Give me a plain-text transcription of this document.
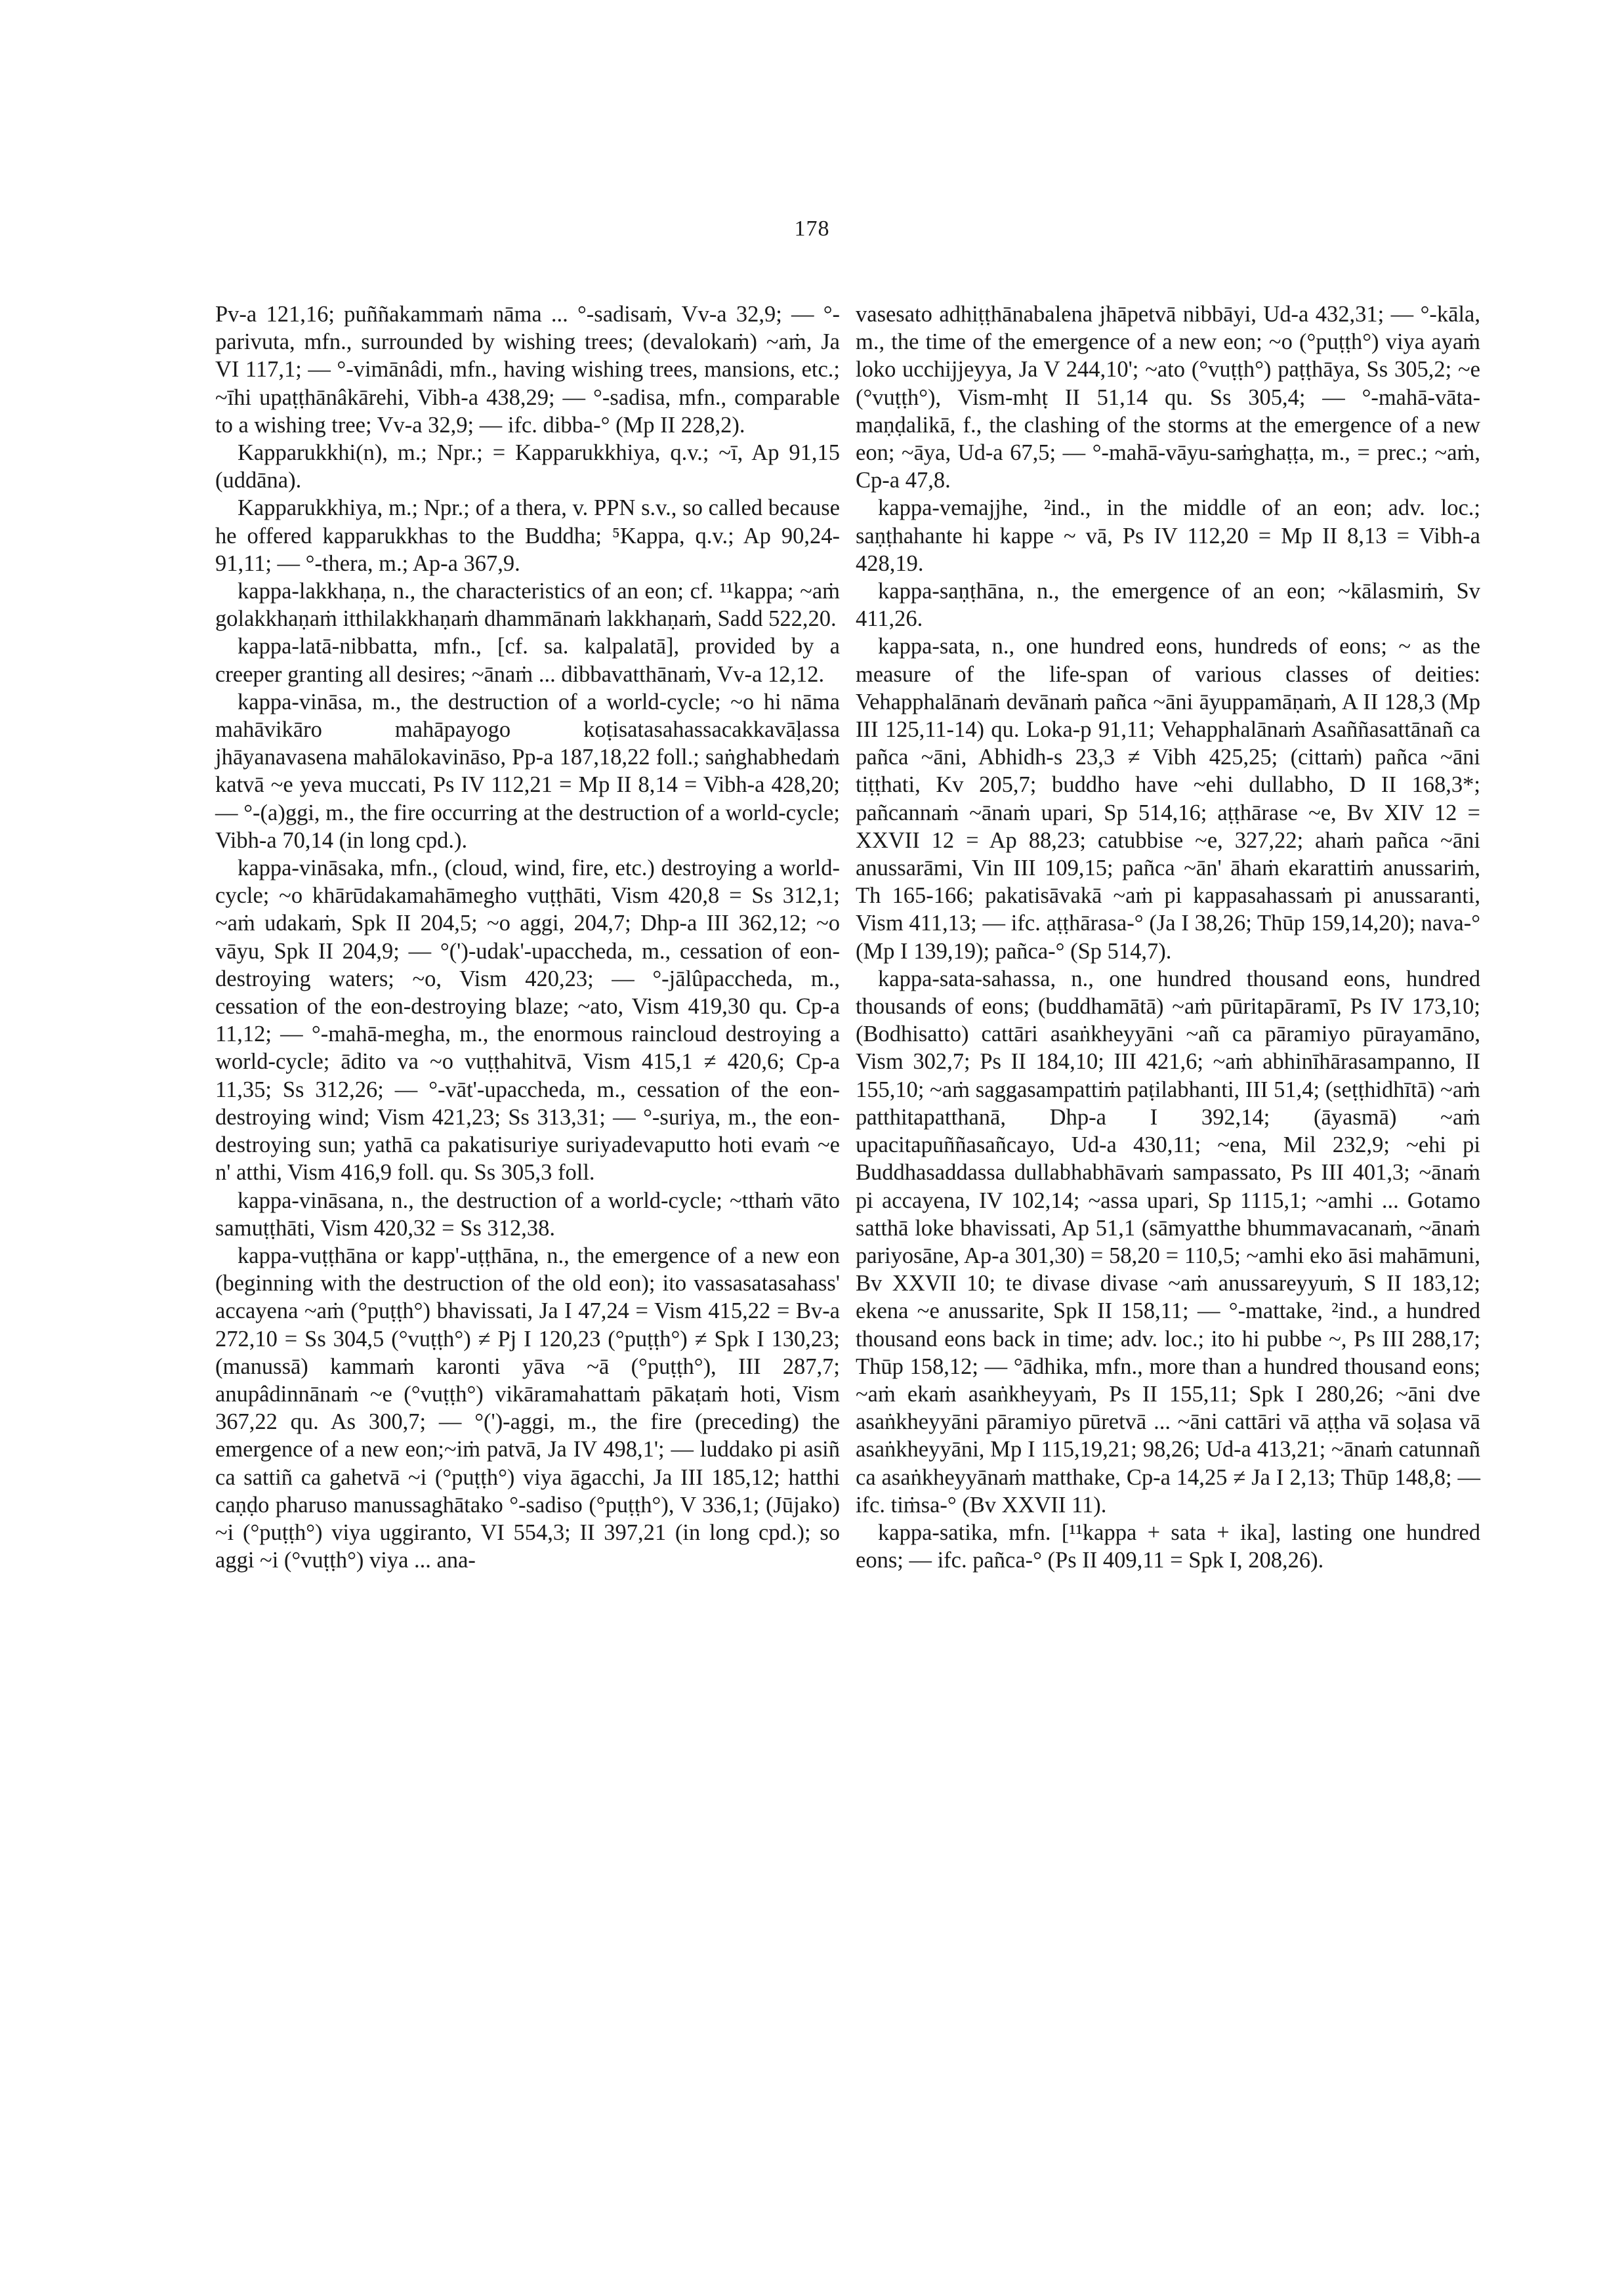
178

Pv-a 121,16; puññakammaṁ nāma ... °-sadisaṁ, Vv-a 32,9; — °-parivuta, mfn., surrounded by wishing trees; (devalokaṁ) ~aṁ, Ja VI 117,1; — °-vimānâdi, mfn., having wishing trees, mansions, etc.; ~īhi upaṭṭhānâkārehi, Vibh-a 438,29; — °-sadisa, mfn., comparable to a wishing tree; Vv-a 32,9; — ifc. dibba-° (Mp II 228,2).

Kapparukkhi(n), m.; Npr.; = Kapparukkhiya, q.v.; ~ī, Ap 91,15 (uddāna).

Kapparukkhiya, m.; Npr.; of a thera, v. PPN s.v., so called because he offered kapparukkhas to the Buddha; ⁵Kappa, q.v.; Ap 90,24-91,11; — °-thera, m.; Ap-a 367,9.

kappa-lakkhaṇa, n., the characteristics of an eon; cf. ¹¹kappa; ~aṁ golakkhaṇaṁ itthilakkhaṇaṁ dhammānaṁ lakkhaṇaṁ, Sadd 522,20.

kappa-latā-nibbatta, mfn., [cf. sa. kalpalatā], provided by a creeper granting all desires; ~ānaṁ ... dibbavatthānaṁ, Vv-a 12,12.

kappa-vināsa, m., the destruction of a world-cycle; ~o hi nāma mahāvikāro mahāpayogo koṭisatasahassacakkavāḷassa jhāyanavasena mahālokavināso, Pp-a 187,18,22 foll.; saṅghabhedaṁ katvā ~e yeva muccati, Ps IV 112,21 = Mp II 8,14 = Vibh-a 428,20; — °-(a)ggi, m., the fire occurring at the destruction of a world-cycle; Vibh-a 70,14 (in long cpd.).

kappa-vināsaka, mfn., (cloud, wind, fire, etc.) destroying a world-cycle; ~o khārūdakamahāmegho vuṭṭhāti, Vism 420,8 = Ss 312,1; ~aṁ udakaṁ, Spk II 204,5; ~o aggi, 204,7; Dhp-a III 362,12; ~o vāyu, Spk II 204,9; — °(')-udak'-upaccheda, m., cessation of eon-destroying waters; ~o, Vism 420,23; — °-jālûpaccheda, m., cessation of the eon-destroying blaze; ~ato, Vism 419,30 qu. Cp-a 11,12; — °-mahā-megha, m., the enormous raincloud destroying a world-cycle; ādito va ~o vuṭṭhahitvā, Vism 415,1 ≠ 420,6; Cp-a 11,35; Ss 312,26; — °-vāt'-upaccheda, m., cessation of the eon-destroying wind; Vism 421,23; Ss 313,31; — °-suriya, m., the eon-destroying sun; yathā ca pakatisuriye suriyadevaputto hoti evaṁ ~e n' atthi, Vism 416,9 foll. qu. Ss 305,3 foll.

kappa-vināsana, n., the destruction of a world-cycle; ~tthaṁ vāto samuṭṭhāti, Vism 420,32 = Ss 312,38.

kappa-vuṭṭhāna or kapp'-uṭṭhāna, n., the emergence of a new eon (beginning with the destruction of the old eon); ito vassasatasahass' accayena ~aṁ (°puṭṭh°) bhavissati, Ja I 47,24 = Vism 415,22 = Bv-a 272,10 = Ss 304,5 (°vuṭṭh°) ≠ Pj I 120,23 (°puṭṭh°) ≠ Spk I 130,23; (manussā) kammaṁ karonti yāva ~ā (°puṭṭh°), III 287,7; anupâdinnānaṁ ~e (°vuṭṭh°) vikāramahattaṁ pākaṭaṁ hoti, Vism 367,22 qu. As 300,7; — °(')-aggi, m., the fire (preceding) the emergence of a new eon;~iṁ patvā, Ja IV 498,1'; — luddako pi asiñ ca sattiñ ca gahetvā ~i (°puṭṭh°) viya āgacchi, Ja III 185,12; hatthi caṇḍo pharuso manussaghātako °-sadiso (°puṭṭh°), V 336,1; (Jūjako) ~i (°puṭṭh°) viya uggiranto, VI 554,3; II 397,21 (in long cpd.); so aggi ~i (°vuṭṭh°) viya ... ana-

vasesato adhiṭṭhānabalena jhāpetvā nibbāyi, Ud-a 432,31; — °-kāla, m., the time of the emergence of a new eon; ~o (°puṭṭh°) viya ayaṁ loko ucchijjeyya, Ja V 244,10'; ~ato (°vuṭṭh°) paṭṭhāya, Ss 305,2; ~e (°vuṭṭh°), Vism-mhṭ II 51,14 qu. Ss 305,4; — °-mahā-vāta-maṇḍalikā, f., the clashing of the storms at the emergence of a new eon; ~āya, Ud-a 67,5; — °-mahā-vāyu-saṁghaṭṭa, m., = prec.; ~aṁ, Cp-a 47,8.

kappa-vemajjhe, ²ind., in the middle of an eon; adv. loc.; saṇṭhahante hi kappe ~ vā, Ps IV 112,20 = Mp II 8,13 = Vibh-a 428,19.

kappa-saṇṭhāna, n., the emergence of an eon; ~kālasmiṁ, Sv 411,26.

kappa-sata, n., one hundred eons, hundreds of eons; ~ as the measure of the life-span of various classes of deities: Vehapphalānaṁ devānaṁ pañca ~āni āyuppamāṇaṁ, A II 128,3 (Mp III 125,11-14) qu. Loka-p 91,11; Vehapphalānaṁ Asaññasattānañ ca pañca ~āni, Abhidh-s 23,3 ≠ Vibh 425,25; (cittaṁ) pañca ~āni tiṭṭhati, Kv 205,7; buddho have ~ehi dullabho, D II 168,3*; pañcannaṁ ~ānaṁ upari, Sp 514,16; aṭṭhārase ~e, Bv XIV 12 = XXVII 12 = Ap 88,23; catubbise ~e, 327,22; ahaṁ pañca ~āni anussarāmi, Vin III 109,15; pañca ~ān' āhaṁ ekarattiṁ anussariṁ, Th 165-166; pakatisāvakā ~aṁ pi kappasahassaṁ pi anussaranti, Vism 411,13; — ifc. aṭṭhārasa-° (Ja I 38,26; Thūp 159,14,20); nava-° (Mp I 139,19); pañca-° (Sp 514,7).

kappa-sata-sahassa, n., one hundred thousand eons, hundred thousands of eons; (buddhamātā) ~aṁ pūritapāramī, Ps IV 173,10; (Bodhisatto) cattāri asaṅkheyyāni ~añ ca pāramiyo pūrayamāno, Vism 302,7; Ps II 184,10; III 421,6; ~aṁ abhinīhārasampanno, II 155,10; ~aṁ saggasampattiṁ paṭilabhanti, III 51,4; (seṭṭhidhītā) ~aṁ patthitapatthanā, Dhp-a I 392,14; (āyasmā) ~aṁ upacitapuññasañcayo, Ud-a 430,11; ~ena, Mil 232,9; ~ehi pi Buddhasaddassa dullabhabhāvaṁ sampassato, Ps III 401,3; ~ānaṁ pi accayena, IV 102,14; ~assa upari, Sp 1115,1; ~amhi ... Gotamo satthā loke bhavissati, Ap 51,1 (sāmyatthe bhummavacanaṁ, ~ānaṁ pariyosāne, Ap-a 301,30) = 58,20 = 110,5; ~amhi eko āsi mahāmuni, Bv XXVII 10; te divase divase ~aṁ anussareyyuṁ, S II 183,12; ekena ~e anussarite, Spk II 158,11; — °-mattake, ²ind., a hundred thousand eons back in time; adv. loc.; ito hi pubbe ~, Ps III 288,17; Thūp 158,12; — °ādhika, mfn., more than a hundred thousand eons; ~aṁ ekaṁ asaṅkheyyaṁ, Ps II 155,11; Spk I 280,26; ~āni dve asaṅkheyyāni pāramiyo pūretvā ... ~āni cattāri vā aṭṭha vā soḷasa vā asaṅkheyyāni, Mp I 115,19,21; 98,26; Ud-a 413,21; ~ānaṁ catunnañ ca asaṅkheyyānaṁ matthake, Cp-a 14,25 ≠ Ja I 2,13; Thūp 148,8; — ifc. tiṁsa-° (Bv XXVII 11).

kappa-satika, mfn. [¹¹kappa + sata + ika], lasting one hundred eons; — ifc. pañca-° (Ps II 409,11 = Spk I, 208,26).
